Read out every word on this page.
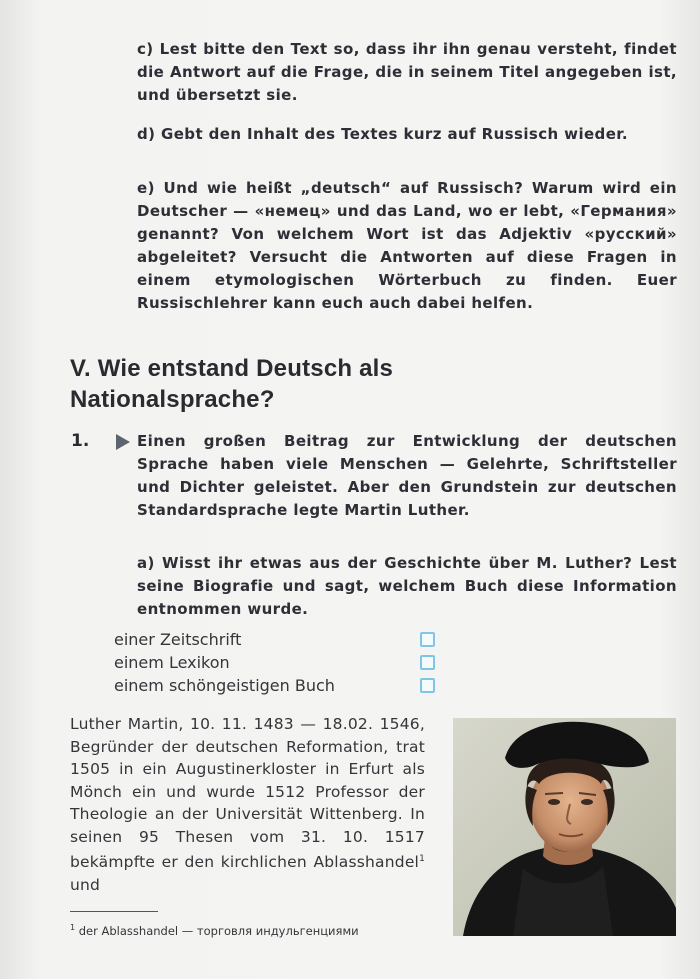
c) Lest bitte den Text so, dass ihr ihn genau versteht, findet die Antwort auf die Frage, die in seinem Titel angegeben ist, und übersetzt sie.

d) Gebt den Inhalt des Textes kurz auf Russisch wieder.

e) Und wie heißt „deutsch“ auf Russisch? Warum wird ein Deutscher — «немец» und das Land, wo er lebt, «Германия» genannt? Von welchem Wort ist das Adjektiv «русский» abgeleitet? Versucht die Antworten auf diese Fragen in einem etymologischen Wörterbuch zu finden. Euer Russischlehrer kann euch auch dabei helfen.

V. Wie entstand Deutsch als
Nationalsprache?
1.	Einen großen Beitrag zur Entwicklung der deutschen Sprache haben viele Menschen — Gelehrte, Schriftsteller und Dichter geleistet. Aber den Grundstein zur deutschen Standardsprache legte Martin Luther.

a) Wisst ihr etwas aus der Geschichte über M. Luther? Lest seine Biografie und sagt, welchem Buch diese Information entnommen wurde.

einer Zeitschrift
einem Lexikon
einem schöngeistigen Buch
Luther Martin, 10. 11. 1483 — 18.02. 1546, Begründer der deutschen Reformation, trat 1505 in ein Augustinerkloster in Erfurt als Mönch ein und wurde 1512 Professor der Theologie an der Universität Wittenberg. In seinen 95 Thesen vom 31. 10. 1517 bekämpfte er den kirchlichen Ablasshandel$^1$ und
$^1$ der Ablasshandel — торговля индульгенциями
